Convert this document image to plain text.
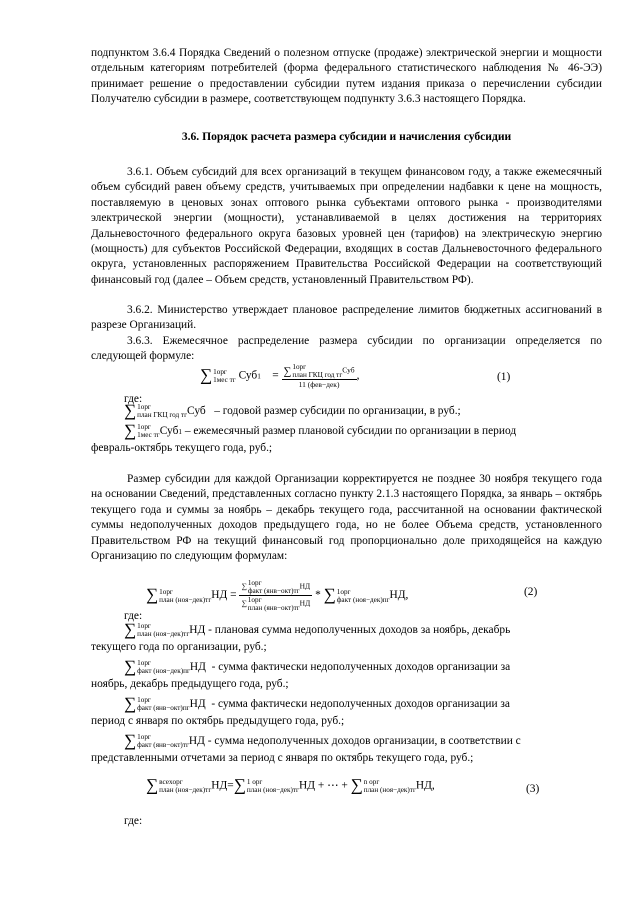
подпунктом 3.6.4 Порядка Сведений о полезном отпуске (продаже) электрической энергии и мощности отдельным категориям потребителей (форма федерального статистического наблюдения № 46-ЭЭ) принимает решение о предоставлении субсидии путем издания приказа о перечислении субсидии Получателю субсидии в размере, соответствующем подпункту 3.6.3 настоящего Порядка.

3.6. Порядок расчета размера субсидии и начисления субсидии

3.6.1. Объем субсидий для всех организаций в текущем финансовом году, а также ежемесячный объем субсидий равен объему средств, учитываемых при определении надбавки к цене на мощность, поставляемую в ценовых зонах оптового рынка субъектами оптового рынка - производителями электрической энергии (мощности), устанавливаемой в целях достижения на территориях Дальневосточного федерального округа базовых уровней цен (тарифов) на электрическую энергию (мощность) для субъектов Российской Федерации, входящих в состав Дальневосточного федерального округа, установленных распоряжением Правительства Российской Федерации на соответствующий финансовый год (далее – Объем средств, установленный Правительством РФ).

3.6.2. Министерство утверждает плановое распределение лимитов бюджетных ассигнований в разрезе Организаций.

3.6.3. Ежемесячное распределение размера субсидии по организации определяется по следующей формуле:

∑ 1орг
1мес тг Суб1 = ∑ 1орг
план ГКЦ год тг
Суб
11 (фев−дек) ,	(1)
где:
∑ 1орг
план ГКЦ год тг Суб – годовой размер субсидии по организации, в руб.;
∑ 1орг
1мес тг Суб1 – ежемесячный размер плановой субсидии по организации в период
февраль-октябрь текущего года, руб.;

Размер субсидии для каждой Организации корректируется не позднее 30 ноября текущего года на основании Сведений, представленных согласно пункту 2.1.3 настоящего Порядка, за январь – октябрь текущего года и суммы за ноябрь – декабрь текущего года, рассчитанной на основании фактической суммы недополученных доходов предыдущего года, но не более Объема средств, установленного Правительством РФ на текущий финансовый год пропорционально доле приходящейся на каждую Организацию по следующим формулам:

∑ 1орг
план (ноя−дек)тг НД = ∑ 1орг
факт (янв−окт)тг
НД
∑ 1орг
план (янв−окт)тг
НД * ∑ 1орг
факт (ноя−дек)пг НД,	(2)
где:
∑ 1орг
план (ноя−дек)тг НД - плановая сумма недополученных доходов за ноябрь, декабрь
текущего года по организации, руб.;
∑ 1орг
факт (ноя−дек)пг НД - сумма фактически недополученных доходов организации за
ноябрь, декабрь предыдущего года, руб.;
∑ 1орг
факт (янв−окт)пг НД - сумма фактически недополученных доходов организации за
период с января по октябрь предыдущего года, руб.;
∑ 1орг
факт (янв−окт)тг НД - сумма недополученных доходов организации, в соответствии с
представленными отчетами за период с января по октябрь текущего года, руб.;
∑ всеxорг
план (ноя−дек)тг НД=∑ 1 орг
план (ноя−дек)тг НД + ⋯ + ∑ n орг
план (ноя−дек)тг НД,	(3)
где:
